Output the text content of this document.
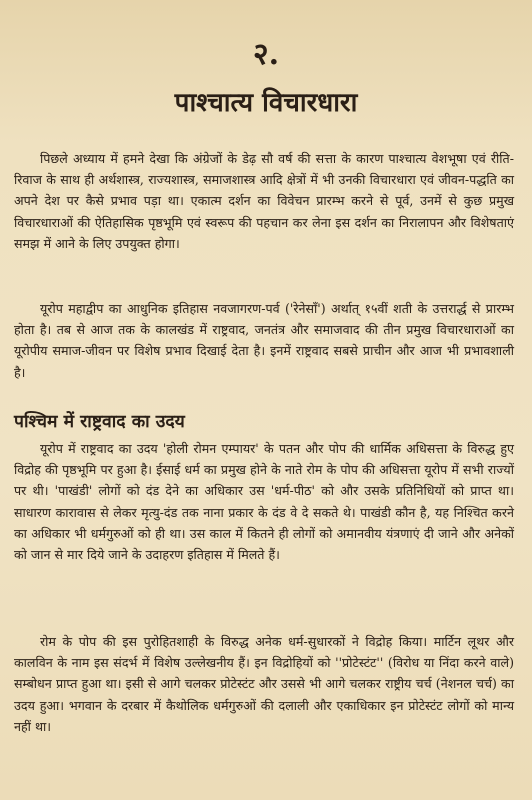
२.
पाश्चात्य विचारधारा

पिछले अध्याय में हमने देखा कि अंग्रेजों के डेढ़ सौ वर्ष की सत्ता के कारण पाश्चात्य वेशभूषा एवं रीति-रिवाज के साथ ही अर्थशास्त्र, राज्यशास्त्र, समाजशास्त्र आदि क्षेत्रों में भी उनकी विचारधारा एवं जीवन-पद्धति का अपने देश पर कैसे प्रभाव पड़ा था। एकात्म दर्शन का विवेचन प्रारम्भ करने से पूर्व, उनमें से कुछ प्रमुख विचारधाराओं की ऐतिहासिक पृष्ठभूमि एवं स्वरूप की पहचान कर लेना इस दर्शन का निरालापन और विशेषताएं समझ में आने के लिए उपयुक्त होगा।

यूरोप महाद्वीप का आधुनिक इतिहास नवजागरण-पर्व ('रेनेसाँ') अर्थात् १५वीं शती के उत्तरार्द्ध से प्रारम्भ होता है। तब से आज तक के कालखंड में राष्ट्रवाद, जनतंत्र और समाजवाद की तीन प्रमुख विचारधाराओं का यूरोपीय समाज-जीवन पर विशेष प्रभाव दिखाई देता है। इनमें राष्ट्रवाद सबसे प्राचीन और आज भी प्रभावशाली है।

पश्चिम में राष्ट्रवाद का उदय

यूरोप में राष्ट्रवाद का उदय 'होली रोमन एम्पायर' के पतन और पोप की धार्मिक अधिसत्ता के विरुद्ध हुए विद्रोह की पृष्ठभूमि पर हुआ है। ईसाई धर्म का प्रमुख होने के नाते रोम के पोप की अधिसत्ता यूरोप में सभी राज्यों पर थी। 'पाखंडी' लोगों को दंड देने का अधिकार उस 'धर्म-पीठ' को और उसके प्रतिनिधियों को प्राप्त था। साधारण कारावास से लेकर मृत्यु-दंड तक नाना प्रकार के दंड वे दे सकते थे। पाखंडी कौन है, यह निश्चित करने का अधिकार भी धर्मगुरुओं को ही था। उस काल में कितने ही लोगों को अमानवीय यंत्रणाएं दी जाने और अनेकों को जान से मार दिये जाने के उदाहरण इतिहास में मिलते हैं।

रोम के पोप की इस पुरोहितशाही के विरुद्ध अनेक धर्म-सुधारकों ने विद्रोह किया। मार्टिन लूथर और कालविन के नाम इस संदर्भ में विशेष उल्लेखनीय हैं। इन विद्रोहियों को ''प्रोटेस्टंट'' (विरोध या निंदा करने वाले) सम्बोधन प्राप्त हुआ था। इसी से आगे चलकर प्रोटेस्टंट और उससे भी आगे चलकर राष्ट्रीय चर्च (नेशनल चर्च) का उदय हुआ। भगवान के दरबार में कैथोलिक धर्मगुरुओं की दलाली और एकाधिकार इन प्रोटेस्टंट लोगों को मान्य नहीं था।
